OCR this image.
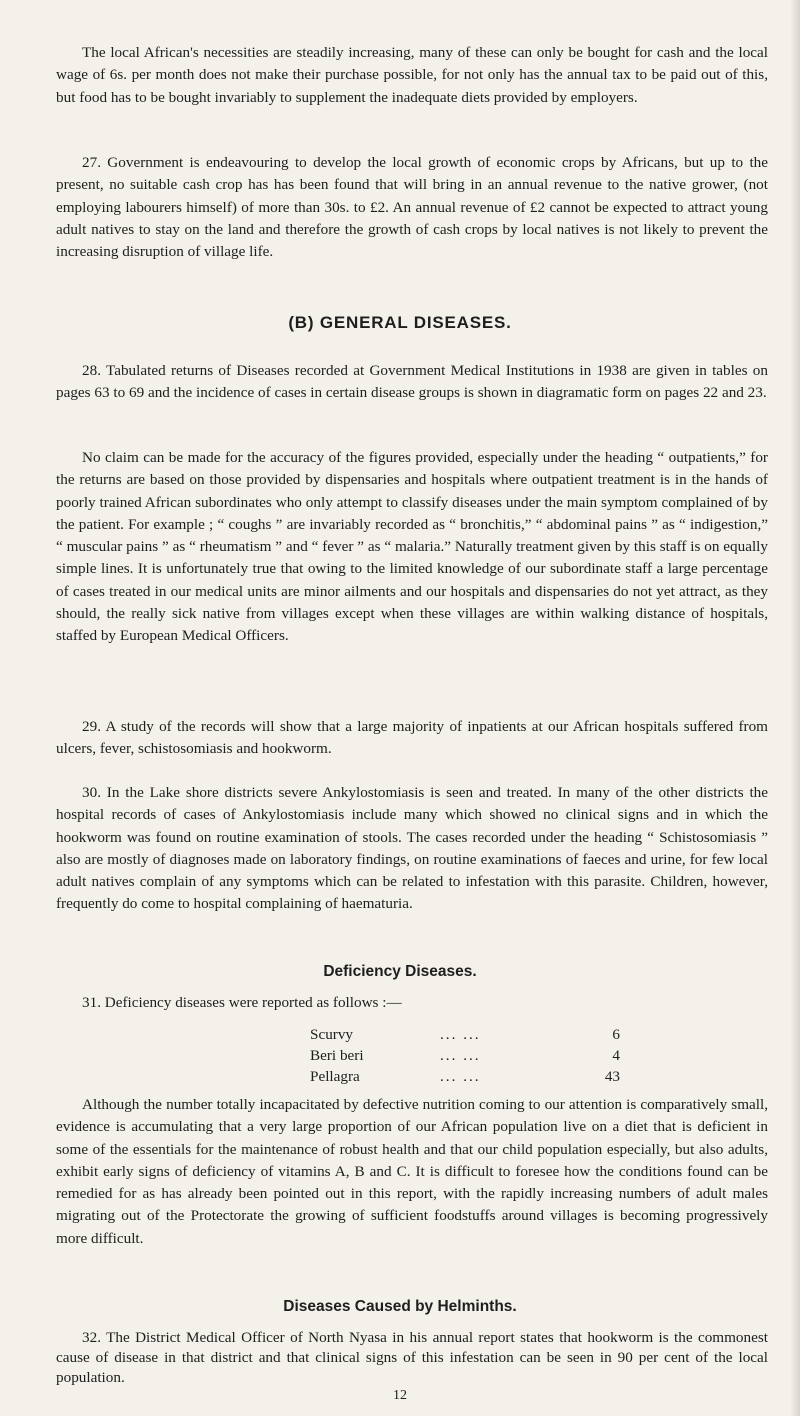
The local African's necessities are steadily increasing, many of these can only be bought for cash and the local wage of 6s. per month does not make their purchase possible, for not only has the annual tax to be paid out of this, but food has to be bought invariably to supplement the inadequate diets provided by employers.

27. Government is endeavouring to develop the local growth of economic crops by Africans, but up to the present, no suitable cash crop has has been found that will bring in an annual revenue to the native grower, (not employing labourers himself) of more than 30s. to £2. An annual revenue of £2 cannot be expected to attract young adult natives to stay on the land and therefore the growth of cash crops by local natives is not likely to prevent the increasing disruption of village life.

(B) GENERAL DISEASES.

28. Tabulated returns of Diseases recorded at Government Medical Institutions in 1938 are given in tables on pages 63 to 69 and the incidence of cases in certain disease groups is shown in diagramatic form on pages 22 and 23.

No claim can be made for the accuracy of the figures provided, especially under the heading “ outpatients,” for the returns are based on those provided by dispensaries and hospitals where outpatient treatment is in the hands of poorly trained African subordinates who only attempt to classify diseases under the main symptom complained of by the patient. For example ; “ coughs ” are invariably recorded as “ bronchitis,” “ abdominal pains ” as “ indigestion,” “ muscular pains ” as “ rheumatism ” and “ fever ” as “ malaria.” Naturally treatment given by this staff is on equally simple lines. It is unfortunately true that owing to the limited knowledge of our subordinate staff a large percentage of cases treated in our medical units are minor ailments and our hospitals and dispensaries do not yet attract, as they should, the really sick native from villages except when these villages are within walking distance of hospitals, staffed by European Medical Officers.

29. A study of the records will show that a large majority of inpatients at our African hospitals suffered from ulcers, fever, schistosomiasis and hookworm.

30. In the Lake shore districts severe Ankylostomiasis is seen and treated. In many of the other districts the hospital records of cases of Ankylostomiasis include many which showed no clinical signs and in which the hookworm was found on routine examination of stools. The cases recorded under the heading “ Schistosomiasis ” also are mostly of diagnoses made on laboratory findings, on routine examinations of faeces and urine, for few local adult natives complain of any symptoms which can be related to infestation with this parasite. Children, however, frequently do come to hospital complaining of haematuria.

Deficiency Diseases.

31. Deficiency diseases were reported as follows :—

Scurvy	... ...	6
Beri beri	... ...	4
Pellagra	... ...	43

Although the number totally incapacitated by defective nutrition coming to our attention is comparatively small, evidence is accumulating that a very large proportion of our African population live on a diet that is deficient in some of the essentials for the maintenance of robust health and that our child population especially, but also adults, exhibit early signs of deficiency of vitamins A, B and C. It is difficult to foresee how the conditions found can be remedied for as has already been pointed out in this report, with the rapidly increasing numbers of adult males migrating out of the Protectorate the growing of sufficient foodstuffs around villages is becoming progressively more difficult.

Diseases Caused by Helminths.

32. The District Medical Officer of North Nyasa in his annual report states that hookworm is the commonest cause of disease in that district and that clinical signs of this infestation can be seen in 90 per cent of the local population.

12
